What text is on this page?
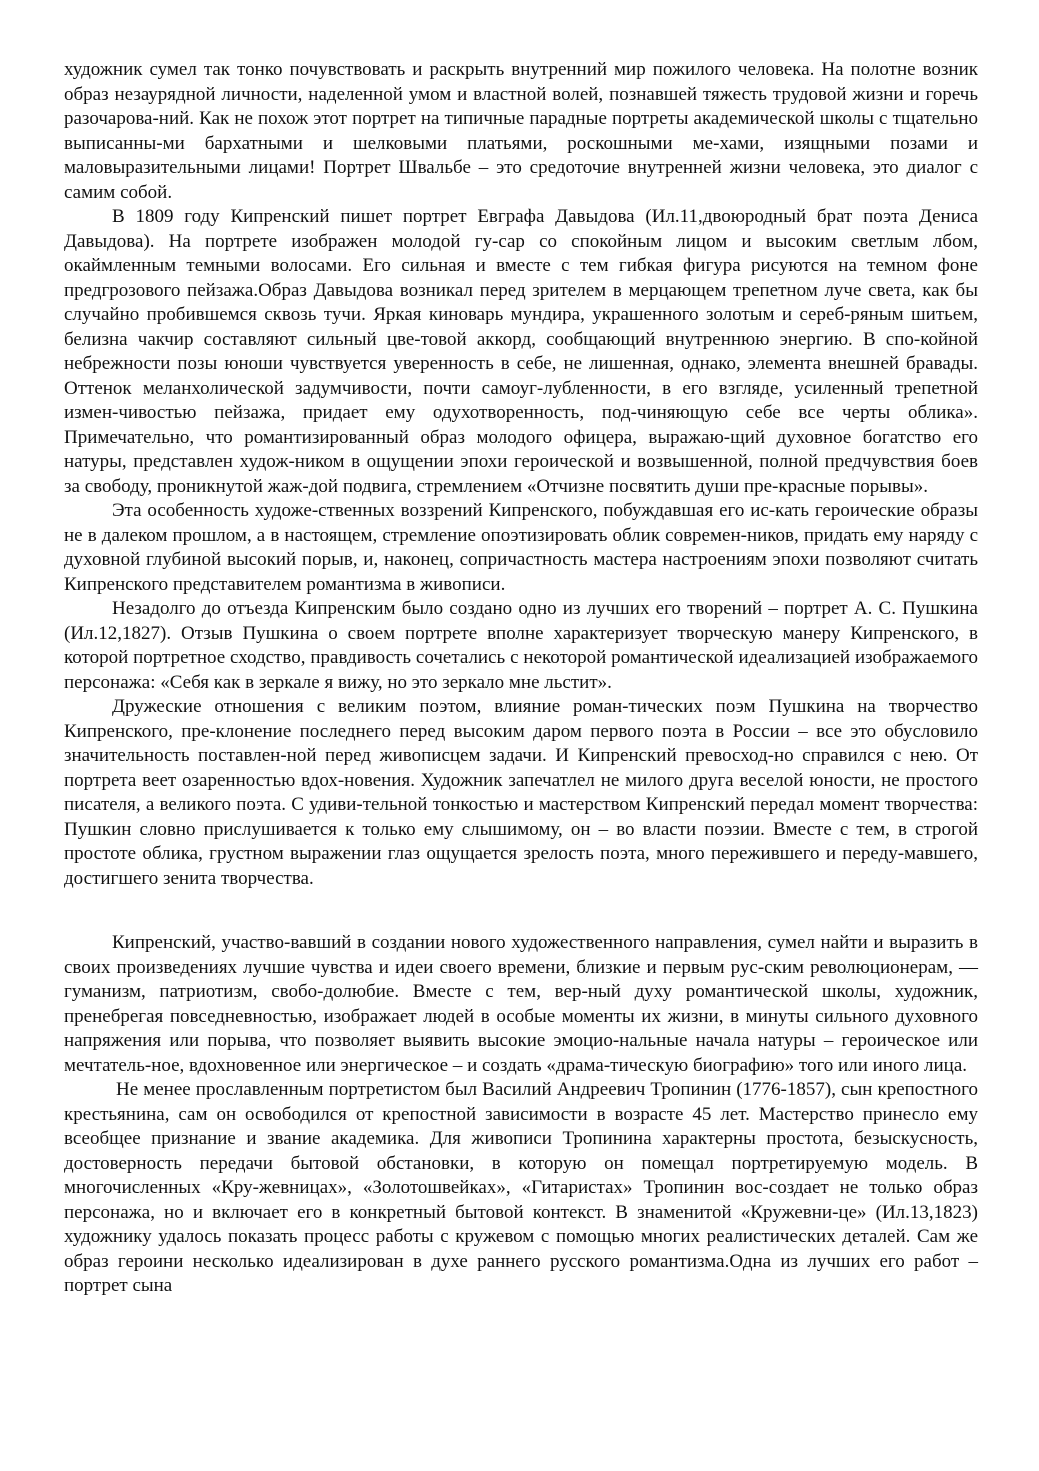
художник сумел так тонко почувствовать и раскрыть внутренний мир пожилого человека. На полотне возник образ незаурядной личности, наделенной умом и властной волей, познавшей тяжесть трудовой жизни и горечь разочарова-ний. Как не похож этот портрет на типичные парадные портреты академической школы с тщательно выписанны-ми бархатными и шелковыми платьями, роскошными ме-хами, изящными позами и маловыразительными лицами! Портрет Швальбе – это средоточие внутренней жизни человека, это диалог с самим собой.

В 1809 году Кипренский пишет портрет Евграфа Давыдова (Ил.11,двоюродный брат поэта Дениса Давыдова). На портрете изображен молодой гу-сар со спокойным лицом и высоким светлым лбом, окаймленным темными волосами. Его сильная и вместе с тем гибкая фигура рисуются на темном фоне предгрозового пейзажа.Образ Давыдова возникал перед зрителем в мерцающем трепетном луче света, как бы случайно пробившемся сквозь тучи. Яркая киноварь мундира, украшенного золотым и сереб-ряным шитьем, белизна чакчир составляют сильный цве-товой аккорд, сообщающий внутреннюю энергию. В спо-койной небрежности позы юноши чувствуется уверенность в себе, не лишенная, однако, элемента внешней бравады. Оттенок меланхолической задумчивости, почти самоуг-лубленности, в его взгляде, усиленный трепетной измен-чивостью пейзажа, придает ему одухотворенность, под-чиняющую себе все черты облика». Примечательно, что романтизированный образ молодого офицера, выражаю-щий духовное богатство его натуры, представлен худож-ником в ощущении эпохи героической и возвышенной, полной предчувствия боев за свободу, проникнутой жаж-дой подвига, стремлением «Отчизне посвятить души пре-красные порывы».

Эта особенность художе-ственных воззрений Кипренского, побуждавшая его ис-кать героические образы не в далеком прошлом, а в настоящем, стремление опоэтизировать облик современ-ников, придать ему наряду с духовной глубиной высокий порыв, и, наконец, сопричастность мастера настроениям эпохи позволяют считать Кипренского представителем романтизма в живописи.

Незадолго до отъезда Кипренским было создано одно из лучших его творений – портрет А. С. Пушкина (Ил.12,1827). Отзыв Пушкина о своем портрете вполне характеризует творческую манеру Кипренского, в которой портретное сходство, правдивость сочетались с некоторой романтической идеализацией изображаемого персонажа: «Себя как в зеркале я вижу, но это зеркало мне льстит».

Дружеские отношения с великим поэтом, влияние роман-тических поэм Пушкина на творчество Кипренского, пре-клонение последнего перед высоким даром первого поэта в России – все это обусловило значительность поставлен-ной перед живописцем задачи. И Кипренский превосход-но справился с нею. От портрета веет озаренностью вдох-новения. Художник запечатлел не милого друга веселой юности, не простого писателя, а великого поэта. С удиви-тельной тонкостью и мастерством Кипренский передал момент творчества: Пушкин словно прислушивается к только ему слышимому, он – во власти поэзии. Вместе с тем, в строгой простоте облика, грустном выражении глаз ощущается зрелость поэта, много пережившего и переду-мавшего, достигшего зенита творчества.

Кипренский, участво-вавший в создании нового художественного направления, сумел найти и выразить в своих произведениях лучшие чувства и идеи своего времени, близкие и первым рус-ским революционерам, — гуманизм, патриотизм, свобо-долюбие. Вместе с тем, вер-ный духу романтической школы, художник, пренебрегая повседневностью, изображает людей в особые моменты их жизни, в минуты сильного духовного напряжения или порыва, что позволяет выявить высокие эмоцио-нальные начала натуры – героическое или мечтатель-ное, вдохновенное или энергическое – и создать «драма-тическую биографию» того или иного лица.

Не менее прославленным портретистом был Василий Андреевич Тропинин (1776-1857), сын крепостного крестьянина, сам он освободился от крепостной зависимости в возрасте 45 лет. Мастерство принесло ему всеобщее признание и звание академика. Для живописи Тропинина характерны простота, безыскусность, достоверность передачи бытовой обстановки, в которую он помещал портретируемую модель. В многочисленных «Кру-жевницах», «Золотошвейках», «Гитаристах» Тропинин вос-создает не только образ персонажа, но и включает его в конкретный бытовой контекст. В знаменитой «Кружевни-це» (Ил.13,1823) художнику удалось показать процесс работы с кружевом с помощью многих реалистических деталей. Сам же образ героини несколько идеализирован в духе раннего русского романтизма.Одна из лучших его работ – портрет сына
